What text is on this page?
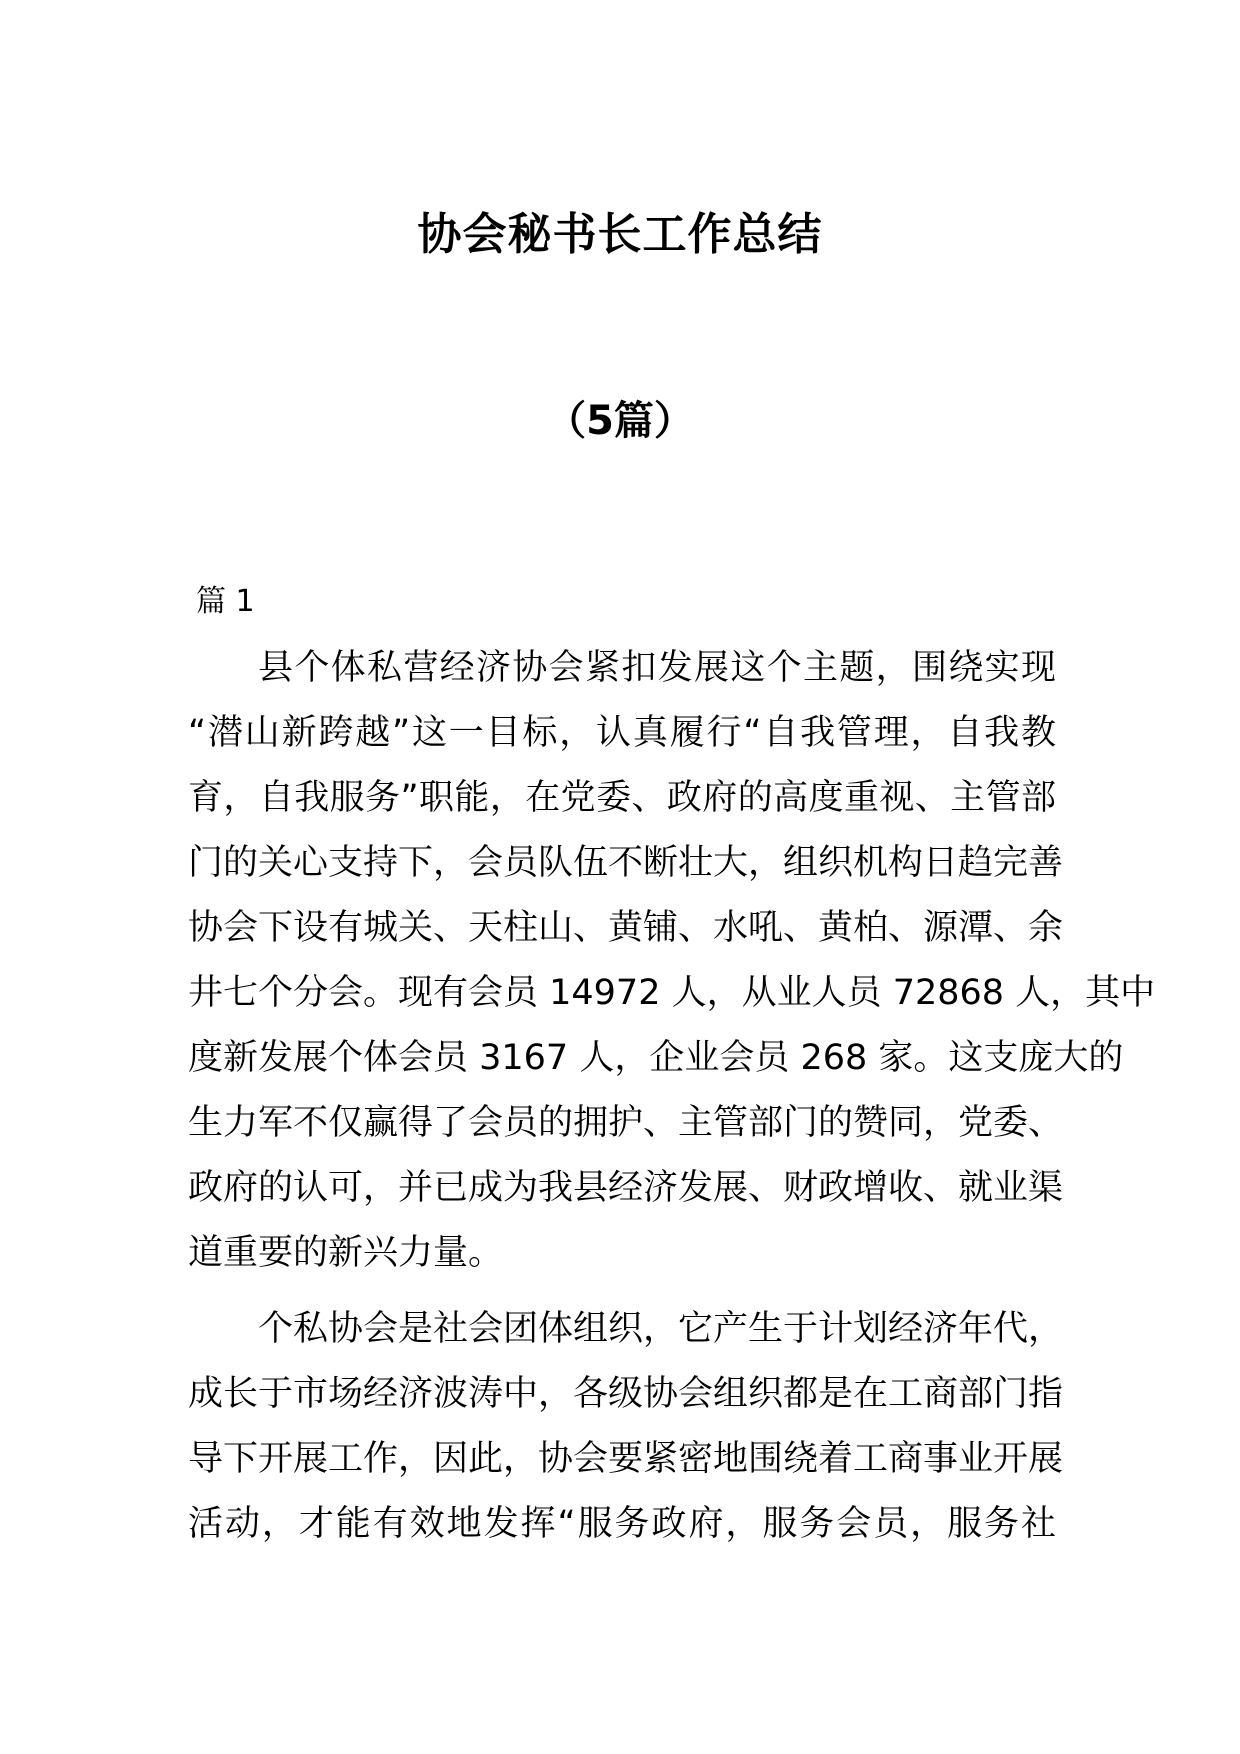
协会秘书长工作总结
（5篇）
篇 1
县个体私营经济协会紧扣发展这个主题，围绕实现
“潜山新跨越”这一目标，认真履行“自我管理，自我教
育，自我服务”职能，在党委、政府的高度重视、主管部
门的关心支持下，会员队伍不断壮大，组织机构日趋完善
协会下设有城关、天柱山、黄铺、水吼、黄柏、源潭、余
井七个分会。现有会员 14972 人，从业人员 72868 人，其中
度新发展个体会员 3167 人，企业会员 268 家。这支庞大的
生力军不仅赢得了会员的拥护、主管部门的赞同，党委、
政府的认可，并已成为我县经济发展、财政增收、就业渠
道重要的新兴力量。
个私协会是社会团体组织，它产生于计划经济年代，
成长于市场经济波涛中，各级协会组织都是在工商部门指
导下开展工作，因此，协会要紧密地围绕着工商事业开展
活动，才能有效地发挥“服务政府，服务会员，服务社
